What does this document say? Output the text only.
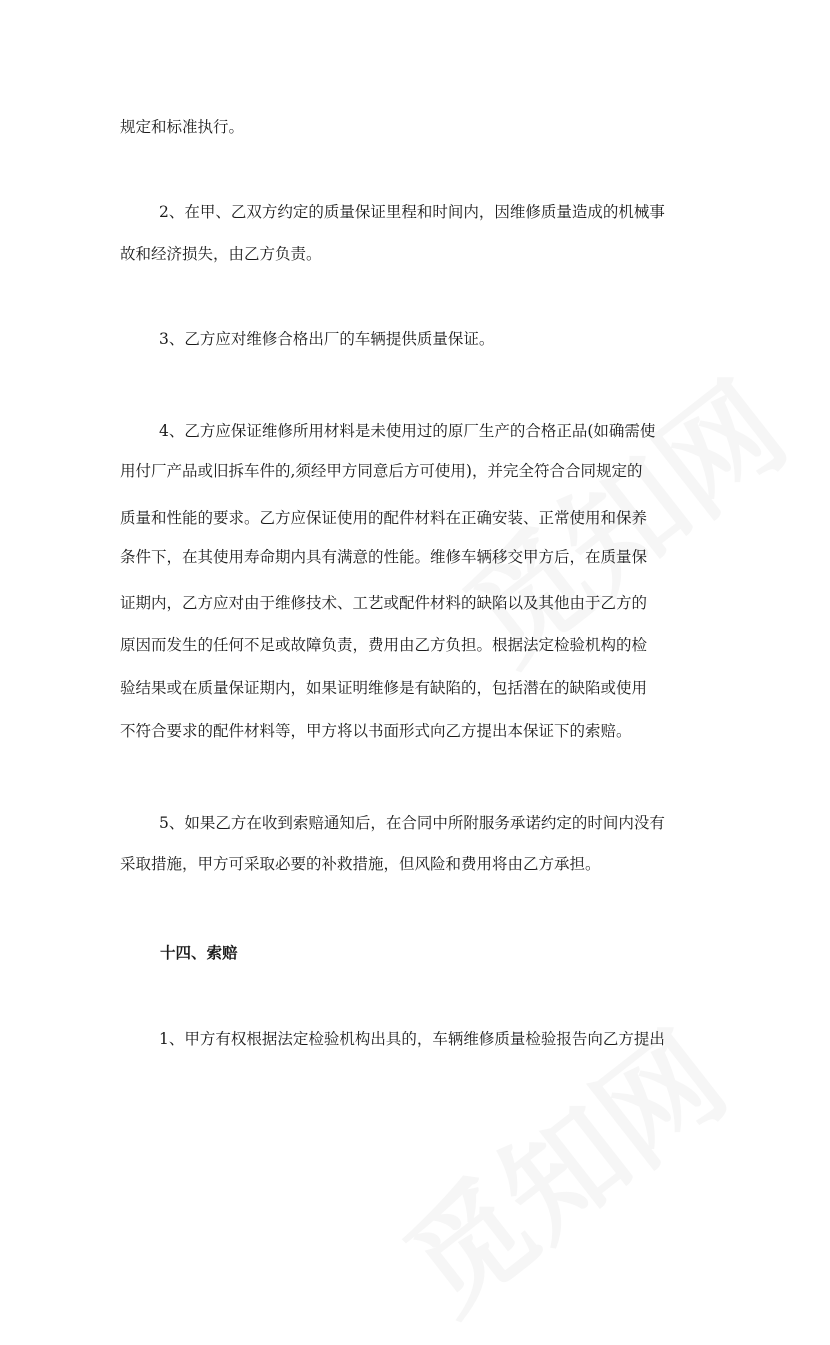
规定和标准执行。
2、在甲、乙双方约定的质量保证里程和时间内，因维修质量造成的机械事
故和经济损失，由乙方负责。
3、乙方应对维修合格出厂的车辆提供质量保证。
4、乙方应保证维修所用材料是未使用过的原厂生产的合格正品(如确需使
用付厂产品或旧拆车件的,须经甲方同意后方可使用)，并完全符合合同规定的
质量和性能的要求。乙方应保证使用的配件材料在正确安装、正常使用和保养
条件下，在其使用寿命期内具有满意的性能。维修车辆移交甲方后，在质量保
证期内，乙方应对由于维修技术、工艺或配件材料的缺陷以及其他由于乙方的
原因而发生的任何不足或故障负责，费用由乙方负担。根据法定检验机构的检
验结果或在质量保证期内，如果证明维修是有缺陷的，包括潜在的缺陷或使用
不符合要求的配件材料等，甲方将以书面形式向乙方提出本保证下的索赔。
5、如果乙方在收到索赔通知后，在合同中所附服务承诺约定的时间内没有
采取措施，甲方可采取必要的补救措施，但风险和费用将由乙方承担。
十四、索赔
1、甲方有权根据法定检验机构出具的，车辆维修质量检验报告向乙方提出
